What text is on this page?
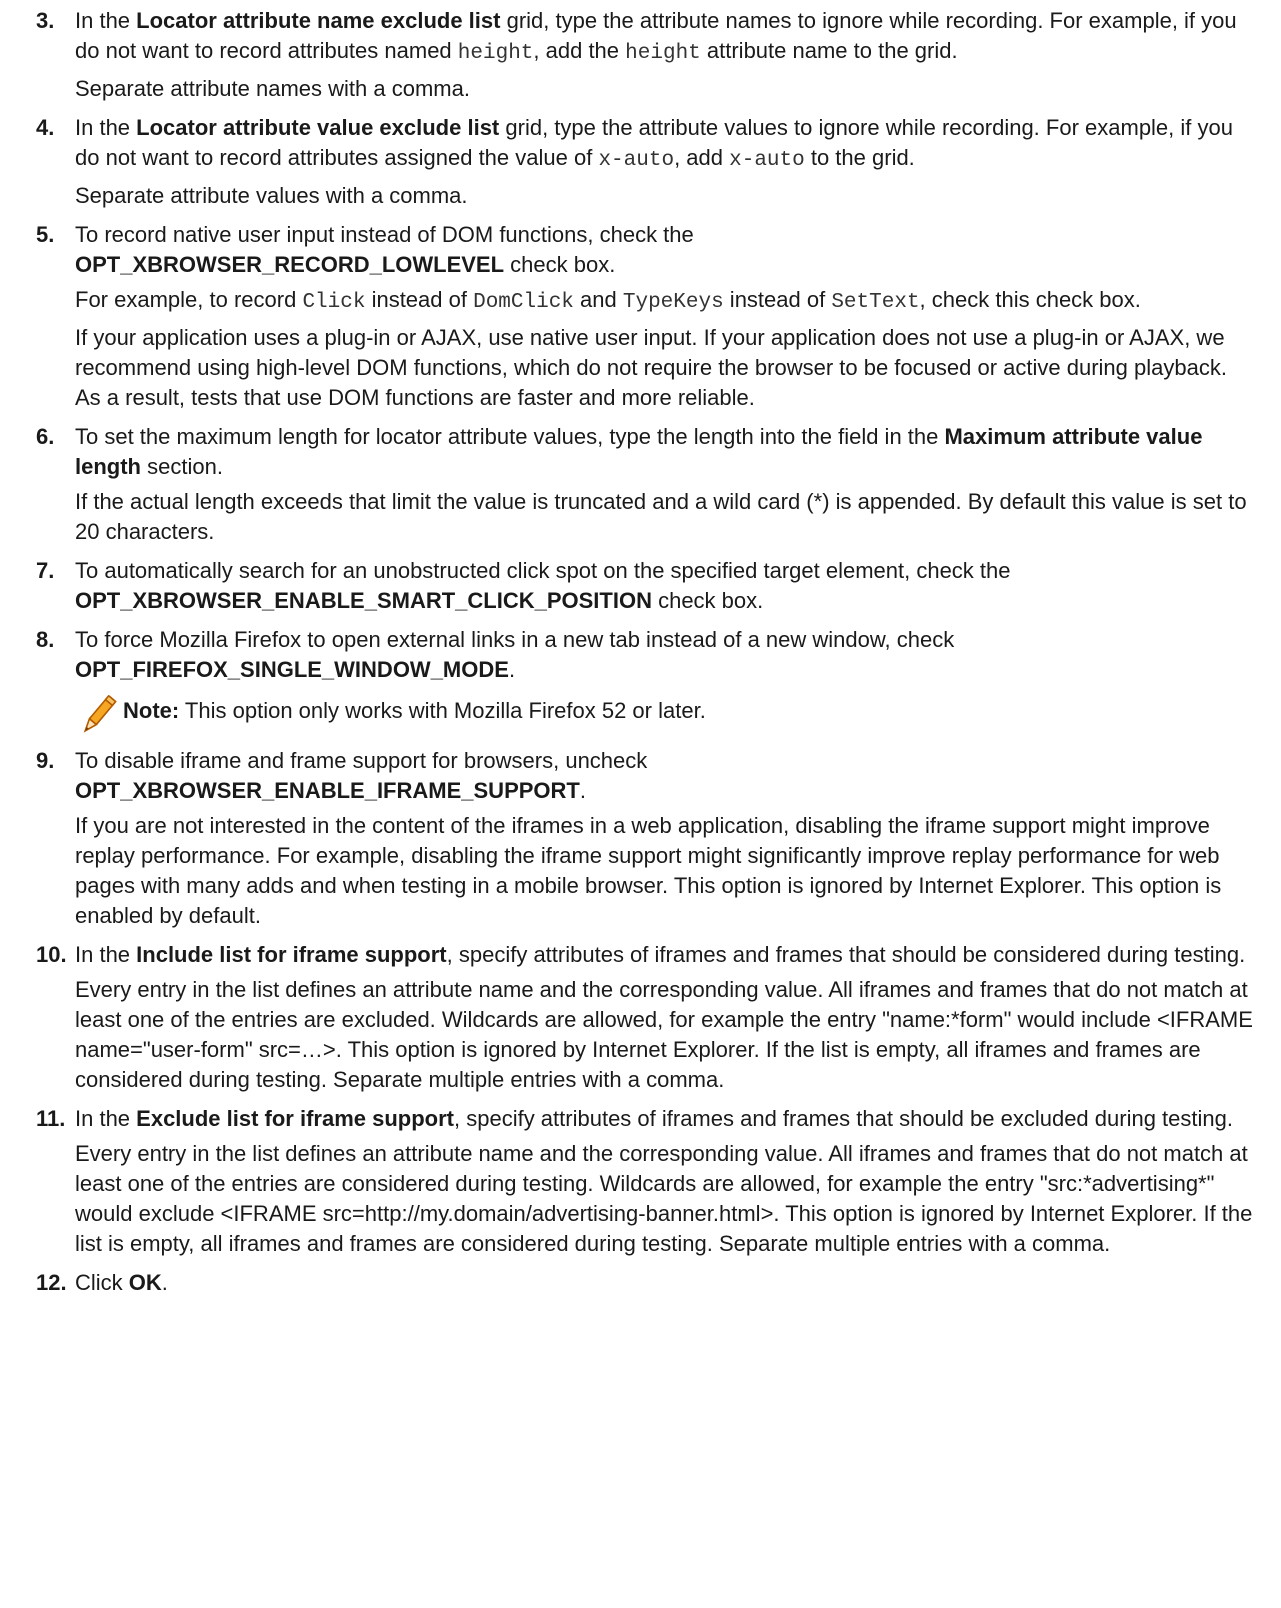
3. In the Locator attribute name exclude list grid, type the attribute names to ignore while recording. For example, if you do not want to record attributes named height, add the height attribute name to the grid.

Separate attribute names with a comma.

4. In the Locator attribute value exclude list grid, type the attribute values to ignore while recording. For example, if you do not want to record attributes assigned the value of x-auto, add x-auto to the grid.

Separate attribute values with a comma.

5. To record native user input instead of DOM functions, check the
OPT_XBROWSER_RECORD_LOWLEVEL check box.

For example, to record Click instead of DomClick and TypeKeys instead of SetText, check this check box.

If your application uses a plug-in or AJAX, use native user input. If your application does not use a plug-in or AJAX, we recommend using high-level DOM functions, which do not require the browser to be focused or active during playback. As a result, tests that use DOM functions are faster and more reliable.

6. To set the maximum length for locator attribute values, type the length into the field in the Maximum attribute value length section.

If the actual length exceeds that limit the value is truncated and a wild card (*) is appended. By default this value is set to 20 characters.

7. To automatically search for an unobstructed click spot on the specified target element, check the
OPT_XBROWSER_ENABLE_SMART_CLICK_POSITION check box.

8. To force Mozilla Firefox to open external links in a new tab instead of a new window, check
OPT_FIREFOX_SINGLE_WINDOW_MODE.

Note: This option only works with Mozilla Firefox 52 or later.
9. To disable iframe and frame support for browsers, uncheck
OPT_XBROWSER_ENABLE_IFRAME_SUPPORT.

If you are not interested in the content of the iframes in a web application, disabling the iframe support might improve replay performance. For example, disabling the iframe support might significantly improve replay performance for web pages with many adds and when testing in a mobile browser. This option is ignored by Internet Explorer. This option is enabled by default.

10. In the Include list for iframe support, specify attributes of iframes and frames that should be considered during testing.

Every entry in the list defines an attribute name and the corresponding value. All iframes and frames that do not match at least one of the entries are excluded. Wildcards are allowed, for example the entry "name:*form" would include <IFRAME name="user-form" src=…>. This option is ignored by Internet Explorer. If the list is empty, all iframes and frames are considered during testing. Separate multiple entries with a comma.

11. In the Exclude list for iframe support, specify attributes of iframes and frames that should be excluded during testing.

Every entry in the list defines an attribute name and the corresponding value. All iframes and frames that do not match at least one of the entries are considered during testing. Wildcards are allowed, for example the entry "src:*advertising*" would exclude <IFRAME src=http://my.domain/advertising-banner.html>. This option is ignored by Internet Explorer. If the list is empty, all iframes and frames are considered during testing. Separate multiple entries with a comma.

12. Click OK.
